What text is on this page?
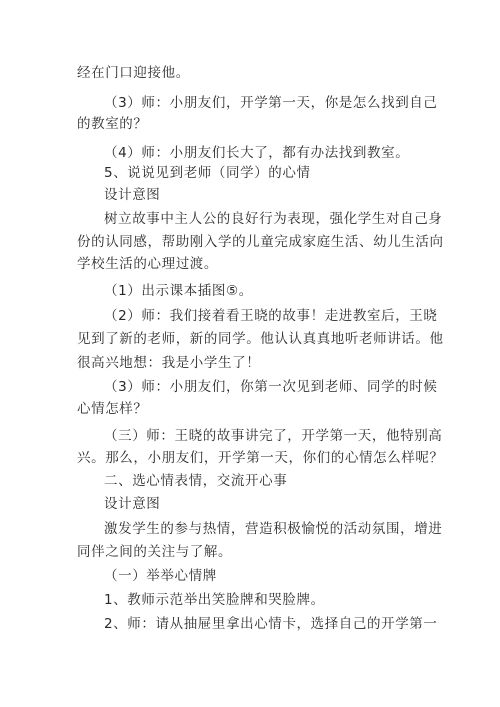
经在门口迎接他。
（3）师：小朋友们，开学第一天，你是怎么找到自己
的教室的？
（4）师：小朋友们长大了，都有办法找到教室。
5、说说见到老师（同学）的心情
设计意图
树立故事中主人公的良好行为表现，强化学生对自己身
份的认同感，帮助刚入学的儿童完成家庭生活、幼儿生活向
学校生活的心理过渡。
（1）出示课本插图⑤。
（2）师：我们接着看王晓的故事！走进教室后，王晓
见到了新的老师，新的同学。他认认真真地听老师讲话。他
很高兴地想：我是小学生了！
（3）师：小朋友们，你第一次见到老师、同学的时候
心情怎样？
（三）师：王晓的故事讲完了，开学第一天，他特别高
兴。那么，小朋友们，开学第一天，你们的心情怎么样呢？
二、选心情表情，交流开心事
设计意图
激发学生的参与热情，营造积极愉悦的活动氛围，增进
同伴之间的关注与了解。
（一）举举心情牌
1、教师示范举出笑脸牌和哭脸牌。
2、师：请从抽屉里拿出心情卡，选择自己的开学第一
